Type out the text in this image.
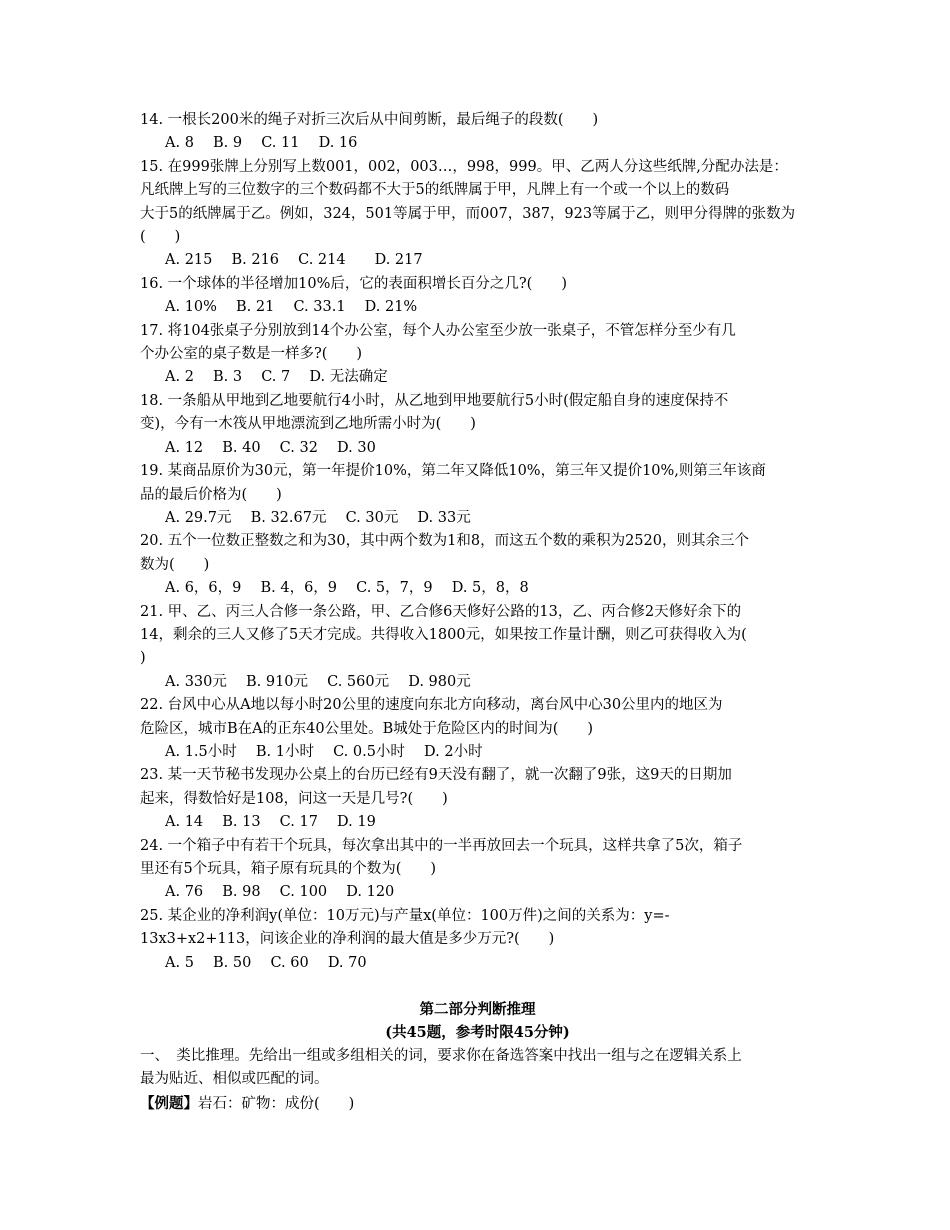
14. 一根长200米的绳子对折三次后从中间剪断，最后绳子的段数(　　)

A. 8　 B. 9　 C. 11　 D. 16

15. 在999张牌上分别写上数001，002，003…，998，999。甲、乙两人分这些纸牌,分配办法是：

凡纸牌上写的三位数字的三个数码都不大于5的纸牌属于甲，凡牌上有一个或一个以上的数码

大于5的纸牌属于乙。例如，324，501等属于甲，而007，387，923等属于乙，则甲分得牌的张数为

(　　)

A. 215　 B. 216　 C. 214　　D. 217

16. 一个球体的半径增加10%后，它的表面积增长百分之几?(　　)

A. 10%　 B. 21　 C. 33.1　 D. 21%

17. 将104张桌子分别放到14个办公室，每个人办公室至少放一张桌子，不管怎样分至少有几

个办公室的桌子数是一样多?(　　)

A. 2　 B. 3　 C. 7　 D. 无法确定

18. 一条船从甲地到乙地要航行4小时，从乙地到甲地要航行5小时(假定船自身的速度保持不

变)，今有一木筏从甲地漂流到乙地所需小时为(　　)

A. 12　 B. 40　 C. 32　 D. 30

19. 某商品原价为30元，第一年提价10%，第二年又降低10%，第三年又提价10%,则第三年该商

品的最后价格为(　　)

A. 29.7元　 B. 32.67元　 C. 30元　 D. 33元

20. 五个一位数正整数之和为30，其中两个数为1和8，而这五个数的乘积为2520，则其余三个

数为(　　)

A. 6，6，9　 B. 4，6，9　 C. 5，7，9　 D. 5，8，8

21. 甲、乙、丙三人合修一条公路，甲、乙合修6天修好公路的13，乙、丙合修2天修好余下的

14，剩余的三人又修了5天才完成。共得收入1800元，如果按工作量计酬，则乙可获得收入为(

)

A. 330元　 B. 910元　 C. 560元　 D. 980元

22. 台风中心从A地以每小时20公里的速度向东北方向移动，离台风中心30公里内的地区为

危险区，城市B在A的正东40公里处。B城处于危险区内的时间为(　　)

A. 1.5小时　 B. 1小时　 C. 0.5小时　 D. 2小时

23. 某一天节秘书发现办公桌上的台历已经有9天没有翻了，就一次翻了9张，这9天的日期加

起来，得数恰好是108，问这一天是几号?(　　)

A. 14　 B. 13　 C. 17　 D. 19

24. 一个箱子中有若干个玩具，每次拿出其中的一半再放回去一个玩具，这样共拿了5次，箱子

里还有5个玩具，箱子原有玩具的个数为(　　)

A. 76　 B. 98　 C. 100　 D. 120

25. 某企业的净利润y(单位：10万元)与产量x(单位：100万件)之间的关系为：y=-

13x3+x2+113，问该企业的净利润的最大值是多少万元?(　　)

A. 5　 B. 50　 C. 60　 D. 70

第二部分判断推理

(共45题，参考时限45分钟)

一、　类比推理。先给出一组或多组相关的词，要求你在备选答案中找出一组与之在逻辑关系上

最为贴近、相似或匹配的词。

【例题】岩石：矿物：成份(　　)
